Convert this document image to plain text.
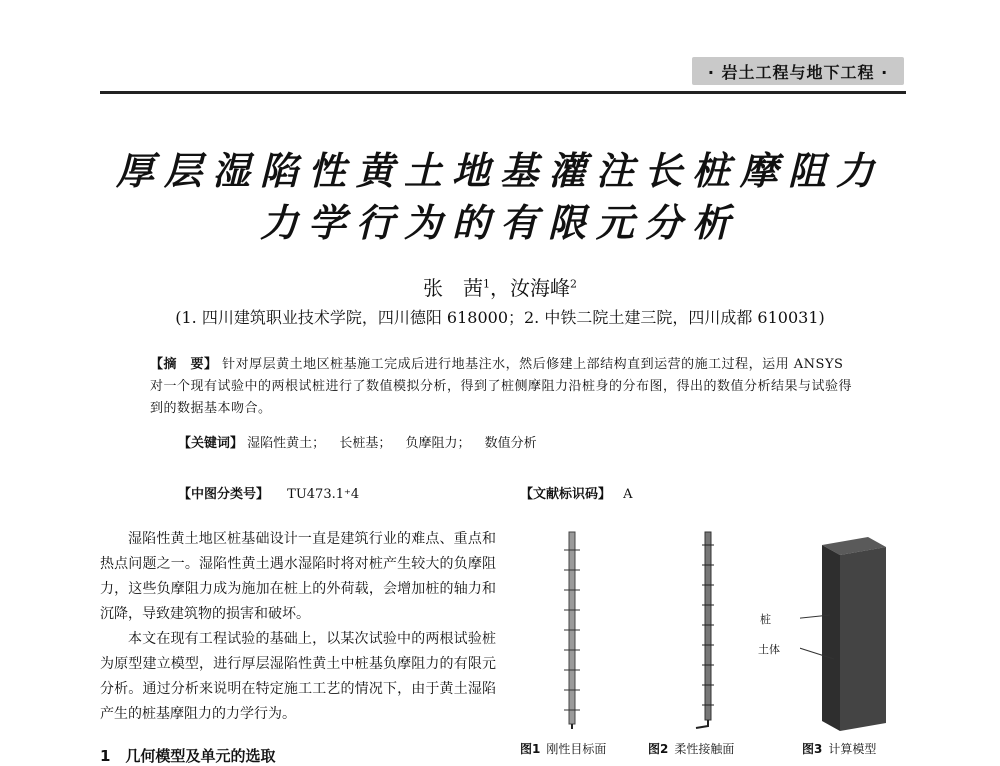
· 岩土工程与地下工程 ·
厚层湿陷性黄土地基灌注长桩摩阻力
力学行为的有限元分析
张　茜$^1$，汝海峰$^2$
(1. 四川建筑职业技术学院，四川德阳 618000；2. 中铁二院土建三院，四川成都 610031)
【摘　要】 针对厚层黄土地区桩基施工完成后进行地基注水，然后修建上部结构直到运营的施工过程，运用 ANSYS 对一个现有试验中的两根试桩进行了数值模拟分析，得到了桩侧摩阻力沿桩身的分布图，得出的数值分析结果与试验得到的数据基本吻合。
【关键词】 湿陷性黄土； 长桩基； 负摩阻力； 数值分析
【中图分类号】 TU473.1⁺4	【文献标识码】 A

湿陷性黄土地区桩基础设计一直是建筑行业的难点、重点和热点问题之一。湿陷性黄土遇水湿陷时将对桩产生较大的负摩阻力，这些负摩阻力成为施加在桩上的外荷载，会增加桩的轴力和沉降，导致建筑物的损害和破坏。

本文在现有工程试验的基础上，以某次试验中的两根试验桩为原型建立模型，进行厚层湿陷性黄土中桩基负摩阻力的有限元分析。通过分析来说明在特定施工工艺的情况下，由于黄土湿陷产生的桩基摩阻力的力学行为。

1　几何模型及单元的选取
桩
土体
图1 刚性目标面	图2 柔性接触面	图3 计算模型
